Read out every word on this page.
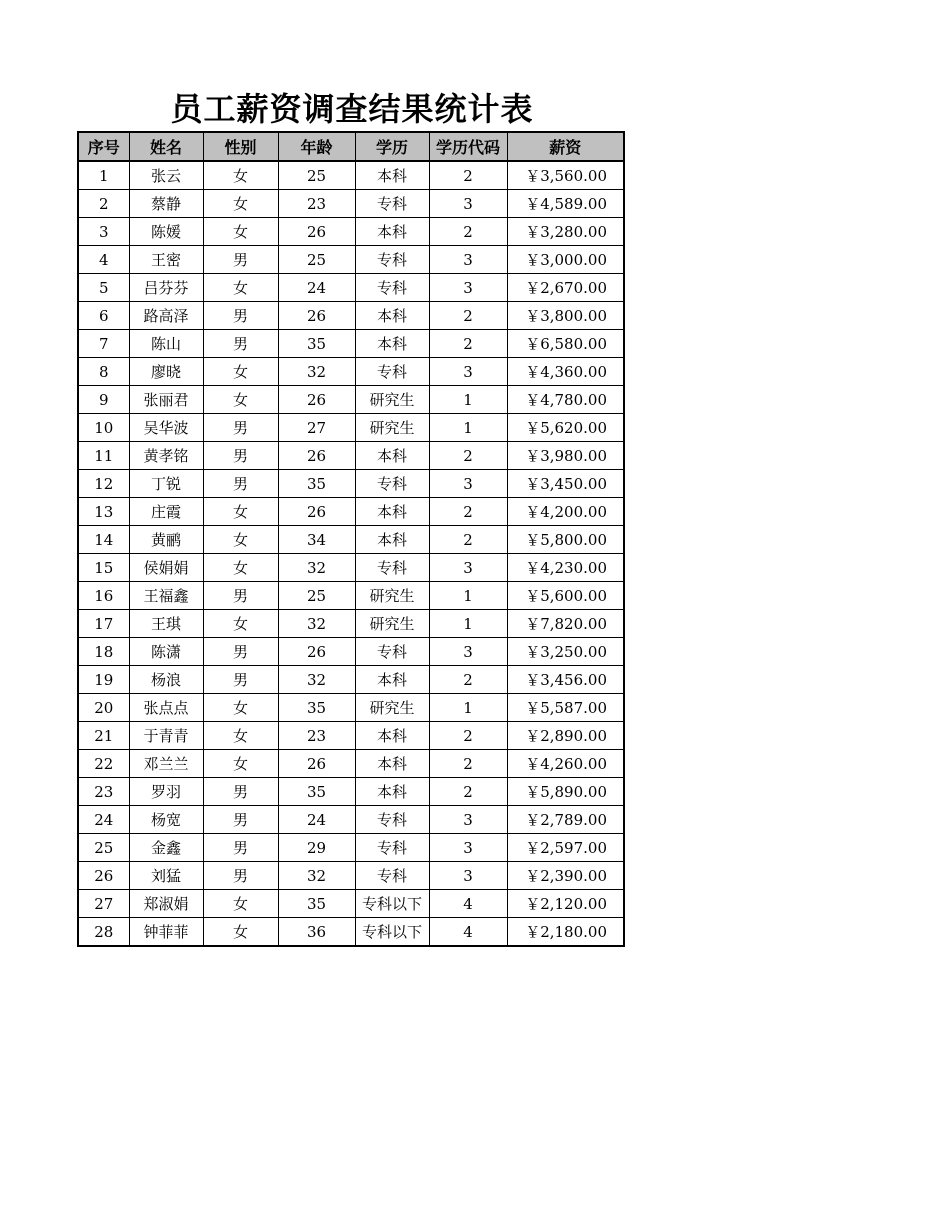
员工薪资调查结果统计表
序号	姓名	性别	年龄	学历	学历代码	薪资
1	张云	女	25	本科	2	￥3,560.00
2	蔡静	女	23	专科	3	￥4,589.00
3	陈媛	女	26	本科	2	￥3,280.00
4	王密	男	25	专科	3	￥3,000.00
5	吕芬芬	女	24	专科	3	￥2,670.00
6	路高泽	男	26	本科	2	￥3,800.00
7	陈山	男	35	本科	2	￥6,580.00
8	廖晓	女	32	专科	3	￥4,360.00
9	张丽君	女	26	研究生	1	￥4,780.00
10	吴华波	男	27	研究生	1	￥5,620.00
11	黄孝铭	男	26	本科	2	￥3,980.00
12	丁锐	男	35	专科	3	￥3,450.00
13	庄霞	女	26	本科	2	￥4,200.00
14	黄鹂	女	34	本科	2	￥5,800.00
15	侯娟娟	女	32	专科	3	￥4,230.00
16	王福鑫	男	25	研究生	1	￥5,600.00
17	王琪	女	32	研究生	1	￥7,820.00
18	陈潇	男	26	专科	3	￥3,250.00
19	杨浪	男	32	本科	2	￥3,456.00
20	张点点	女	35	研究生	1	￥5,587.00
21	于青青	女	23	本科	2	￥2,890.00
22	邓兰兰	女	26	本科	2	￥4,260.00
23	罗羽	男	35	本科	2	￥5,890.00
24	杨宽	男	24	专科	3	￥2,789.00
25	金鑫	男	29	专科	3	￥2,597.00
26	刘猛	男	32	专科	3	￥2,390.00
27	郑淑娟	女	35	专科以下	4	￥2,120.00
28	钟菲菲	女	36	专科以下	4	￥2,180.00
